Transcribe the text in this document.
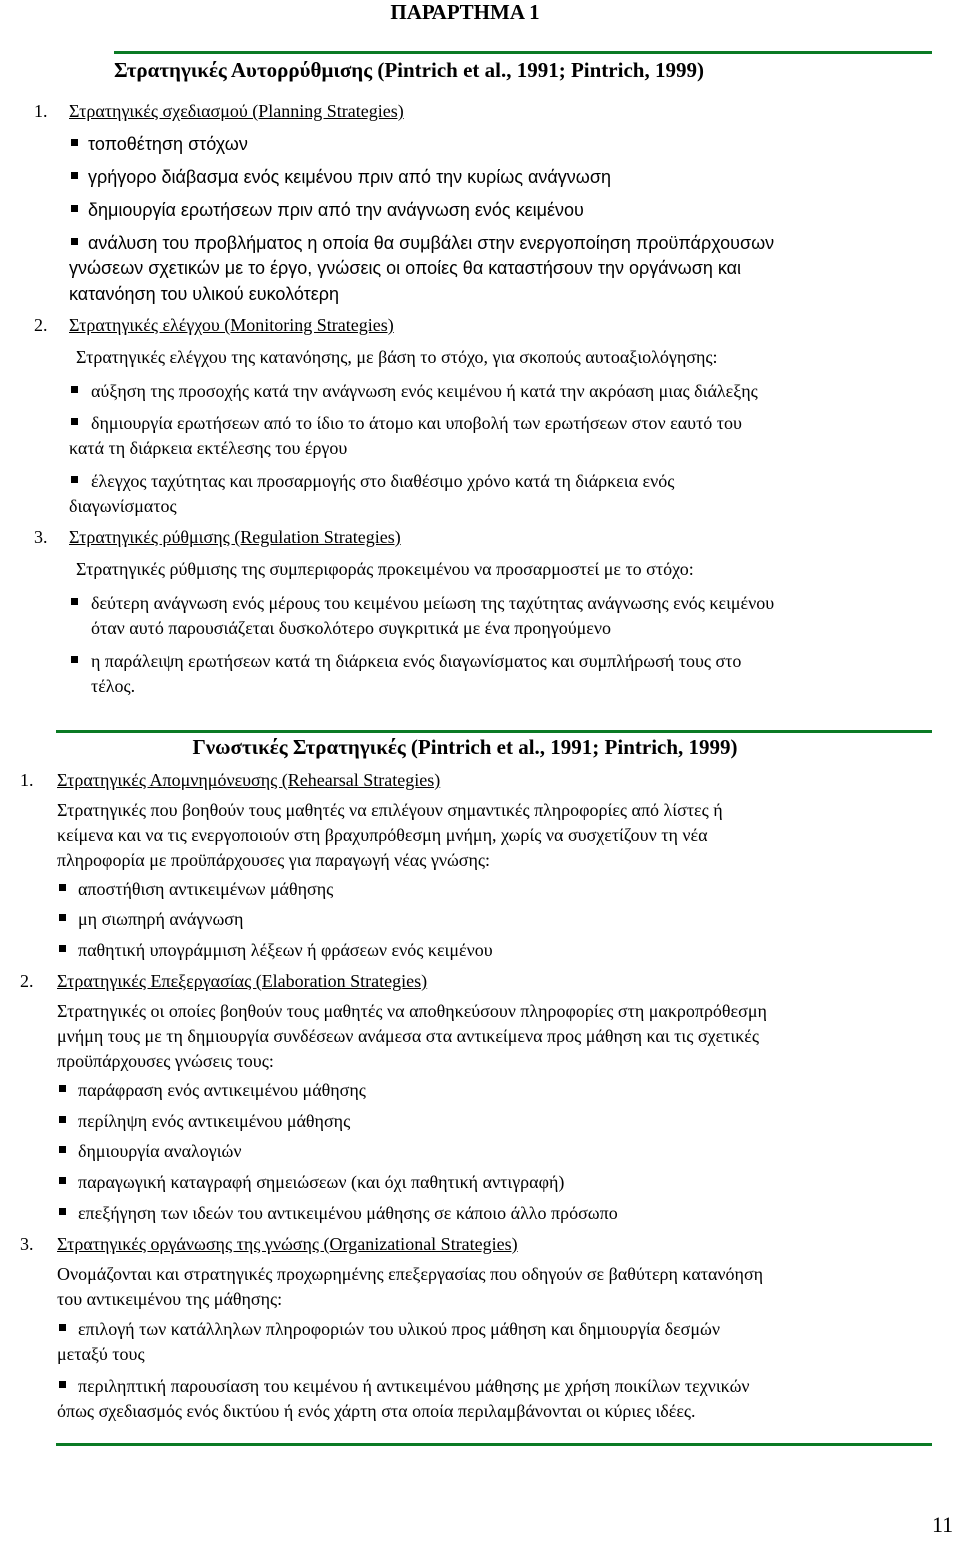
ΠΑΡΑΡΤΗΜΑ 1
Στρατηγικές Αυτορρύθμισης (Pintrich et al., 1991; Pintrich, 1999)
1. Στρατηγικές σχεδιασμού (Planning Strategies)
τοποθέτηση στόχων
γρήγορο διάβασμα ενός κειμένου πριν από την κυρίως ανάγνωση
δημιουργία ερωτήσεων πριν από την ανάγνωση ενός κειμένου
ανάλυση του προβλήματος η οποία θα συμβάλει στην ενεργοποίηση προϋπάρχουσων
γνώσεων σχετικών με το έργο, γνώσεις οι οποίες θα καταστήσουν την οργάνωση και
κατανόηση του υλικού ευκολότερη
2. Στρατηγικές ελέγχου (Monitoring Strategies)
Στρατηγικές ελέγχου της κατανόησης, με βάση το στόχο, για σκοπούς αυτοαξιολόγησης:
αύξηση της προσοχής κατά την ανάγνωση ενός κειμένου ή κατά την ακρόαση μιας διάλεξης
δημιουργία ερωτήσεων από το ίδιο το άτομο και υποβολή των ερωτήσεων στον εαυτό του
κατά τη διάρκεια εκτέλεσης του έργου
έλεγχος ταχύτητας και προσαρμογής στο διαθέσιμο χρόνο κατά τη διάρκεια ενός
διαγωνίσματος
3. Στρατηγικές ρύθμισης (Regulation Strategies)
Στρατηγικές ρύθμισης της συμπεριφοράς προκειμένου να προσαρμοστεί με το στόχο:
δεύτερη ανάγνωση ενός μέρους του κειμένου μείωση της ταχύτητας ανάγνωσης ενός κειμένου
όταν αυτό παρουσιάζεται δυσκολότερο συγκριτικά με ένα προηγούμενο
η παράλειψη ερωτήσεων κατά τη διάρκεια ενός διαγωνίσματος και συμπλήρωσή τους στο
τέλος.
Γνωστικές Στρατηγικές (Pintrich et al., 1991; Pintrich, 1999)
1. Στρατηγικές Απομνημόνευσης (Rehearsal Strategies)
Στρατηγικές που βοηθούν τους μαθητές να επιλέγουν σημαντικές πληροφορίες από λίστες ή
κείμενα και να τις ενεργοποιούν στη βραχυπρόθεσμη μνήμη, χωρίς να συσχετίζουν τη νέα
πληροφορία με προϋπάρχουσες για παραγωγή νέας γνώσης:
αποστήθιση αντικειμένων μάθησης
μη σιωπηρή ανάγνωση
παθητική υπογράμμιση λέξεων ή φράσεων ενός κειμένου
2. Στρατηγικές Επεξεργασίας (Elaboration Strategies)
Στρατηγικές οι οποίες βοηθούν τους μαθητές να αποθηκεύσουν πληροφορίες στη μακροπρόθεσμη
μνήμη τους με τη δημιουργία συνδέσεων ανάμεσα στα αντικείμενα προς μάθηση και τις σχετικές
προϋπάρχουσες γνώσεις τους:
παράφραση ενός αντικειμένου μάθησης
περίληψη ενός αντικειμένου μάθησης
δημιουργία αναλογιών
παραγωγική καταγραφή σημειώσεων (και όχι παθητική αντιγραφή)
επεξήγηση των ιδεών του αντικειμένου μάθησης σε κάποιο άλλο πρόσωπο
3. Στρατηγικές οργάνωσης της γνώσης (Organizational Strategies)
Ονομάζονται και στρατηγικές προχωρημένης επεξεργασίας που οδηγούν σε βαθύτερη κατανόηση
του αντικειμένου της μάθησης:
επιλογή των κατάλληλων πληροφοριών του υλικού προς μάθηση και δημιουργία δεσμών
μεταξύ τους
περιληπτική παρουσίαση του κειμένου ή αντικειμένου μάθησης με χρήση ποικίλων τεχνικών
όπως σχεδιασμός ενός δικτύου ή ενός χάρτη στα οποία περιλαμβάνονται οι κύριες ιδέες.
11
